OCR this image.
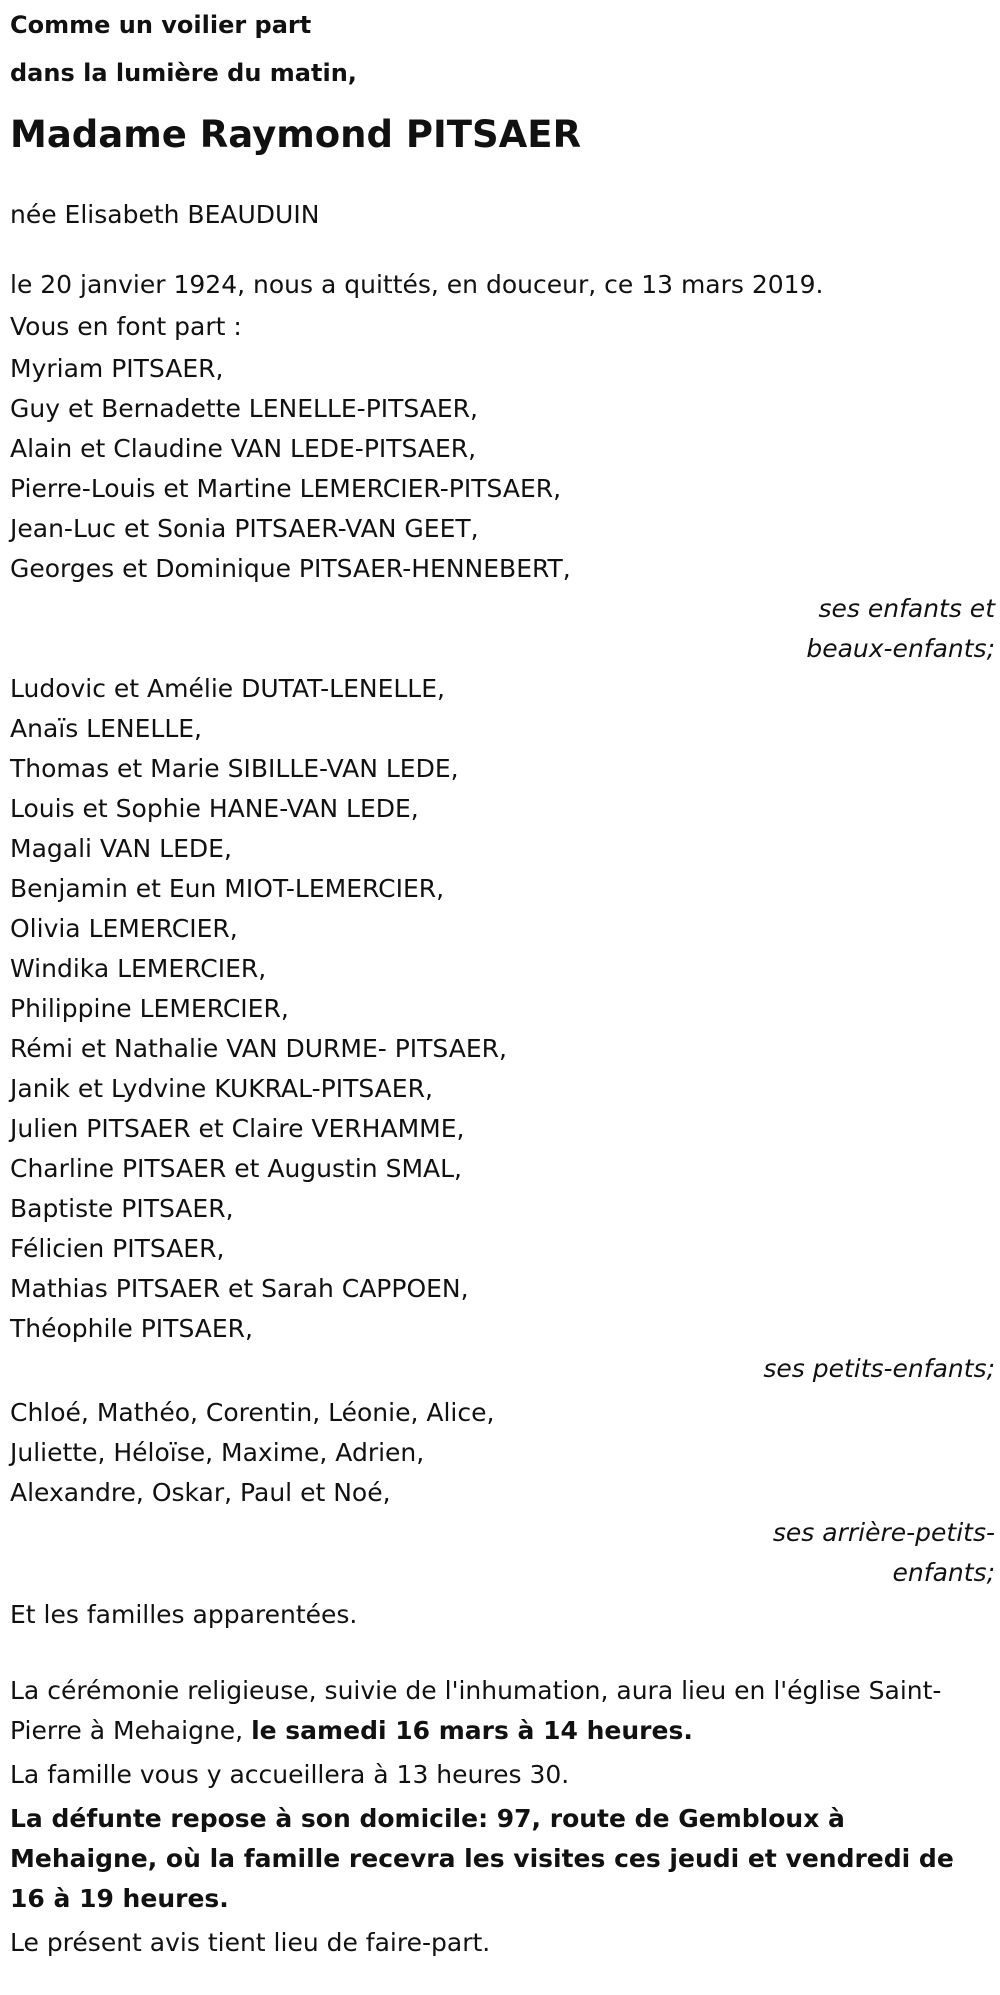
Comme un voilier part

dans la lumière du matin,

Madame Raymond PITSAER

née Elisabeth BEAUDUIN

le 20 janvier 1924, nous a quittés, en douceur, ce 13 mars 2019.

Vous en font part :

Myriam PITSAER,
Guy et Bernadette LENELLE-PITSAER,
Alain et Claudine VAN LEDE-PITSAER,
Pierre-Louis et Martine LEMERCIER-PITSAER,
Jean-Luc et Sonia PITSAER-VAN GEET,
Georges et Dominique PITSAER-HENNEBERT,
ses enfants et
beaux-enfants;
Ludovic et Amélie DUTAT-LENELLE,
Anaïs LENELLE,
Thomas et Marie SIBILLE-VAN LEDE,
Louis et Sophie HANE-VAN LEDE,
Magali VAN LEDE,
Benjamin et Eun MIOT-LEMERCIER,
Olivia LEMERCIER,
Windika LEMERCIER,
Philippine LEMERCIER,
Rémi et Nathalie VAN DURME- PITSAER,
Janik et Lydvine KUKRAL-PITSAER,
Julien PITSAER et Claire VERHAMME,
Charline PITSAER et Augustin SMAL,
Baptiste PITSAER,
Félicien PITSAER,
Mathias PITSAER et Sarah CAPPOEN,
Théophile PITSAER,
ses petits-enfants;
Chloé, Mathéo, Corentin, Léonie, Alice,
Juliette, Héloïse, Maxime, Adrien,
Alexandre, Oskar, Paul et Noé,
ses arrière-petits-
enfants;

Et les familles apparentées.

La cérémonie religieuse, suivie de l'inhumation, aura lieu en l'église Saint-Pierre à Mehaigne, le samedi 16 mars à 14 heures.

La famille vous y accueillera à 13 heures 30.

La défunte repose à son domicile: 97, route de Gembloux à Mehaigne, où la famille recevra les visites ces jeudi et vendredi de 16 à 19 heures.

Le présent avis tient lieu de faire-part.
